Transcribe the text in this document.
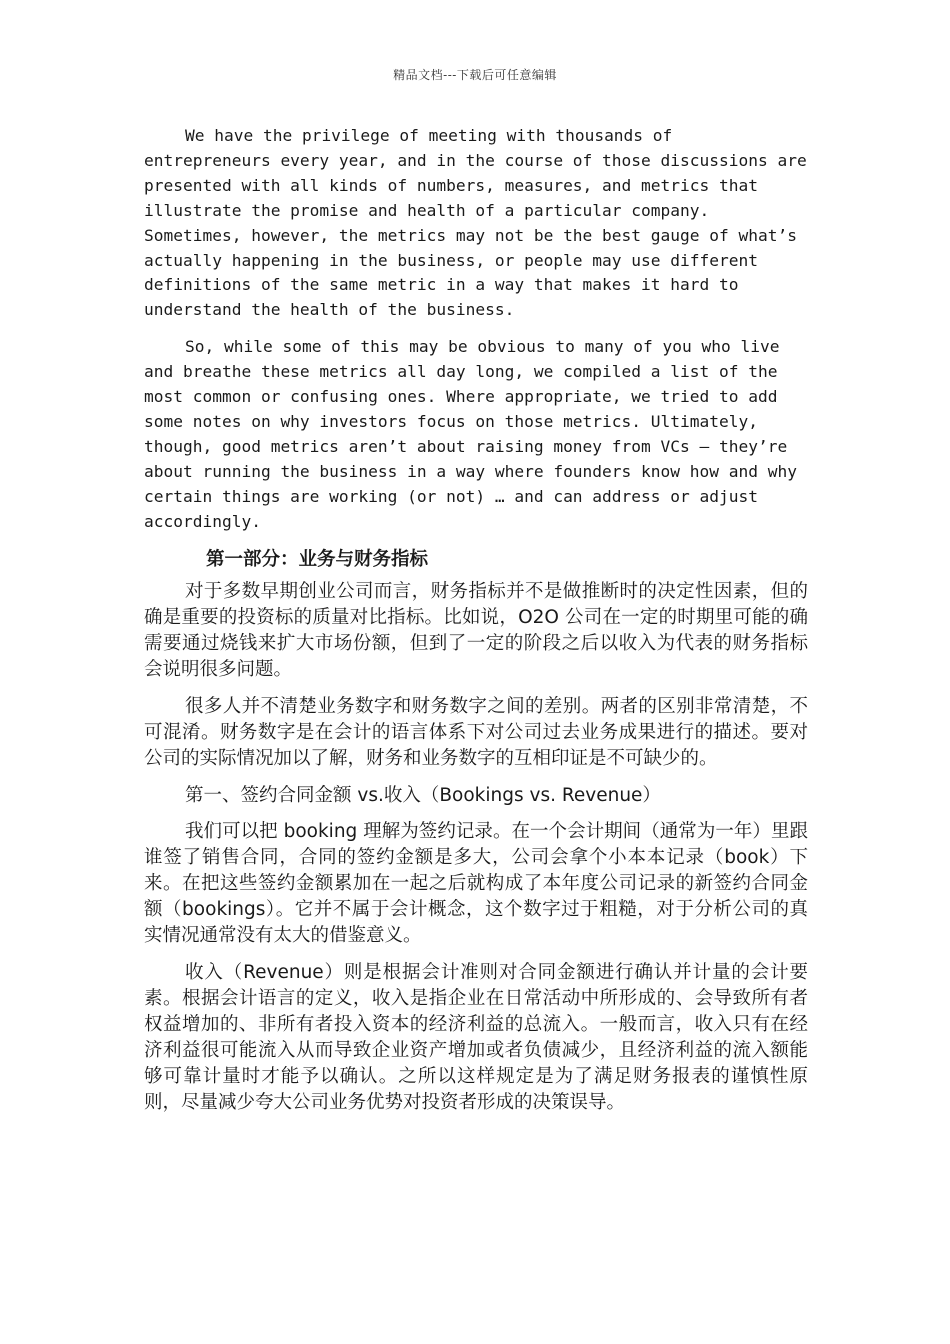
精品文档---下载后可任意编辑

We have the privilege of meeting with thousands of entrepreneurs every year, and in the course of those discussions are presented with all kinds of numbers, measures, and metrics that illustrate the promise and health of a particular company. Sometimes, however, the metrics may not be the best gauge of what’s actually happening in the business, or people may use different definitions of the same metric in a way that makes it hard to understand the health of the business.

So, while some of this may be obvious to many of you who live and breathe these metrics all day long, we compiled a list of the most common or confusing ones. Where appropriate, we tried to add some notes on why investors focus on those metrics. Ultimately, though, good metrics aren’t about raising money from VCs — they’re about running the business in a way where founders know how and why certain things are working (or not) … and can address or adjust accordingly.

第一部分：业务与财务指标

对于多数早期创业公司而言，财务指标并不是做推断时的决定性因素，但的确是重要的投资标的质量对比指标。比如说，O2O 公司在一定的时期里可能的确需要通过烧钱来扩大市场份额，但到了一定的阶段之后以收入为代表的财务指标会说明很多问题。

很多人并不清楚业务数字和财务数字之间的差别。两者的区别非常清楚，不可混淆。财务数字是在会计的语言体系下对公司过去业务成果进行的描述。要对公司的实际情况加以了解，财务和业务数字的互相印证是不可缺少的。

第一、签约合同金额 vs.收入（Bookings vs. Revenue）

我们可以把 booking 理解为签约记录。在一个会计期间（通常为一年）里跟谁签了销售合同，合同的签约金额是多大，公司会拿个小本本记录（book）下来。在把这些签约金额累加在一起之后就构成了本年度公司记录的新签约合同金额（bookings）。它并不属于会计概念，这个数字过于粗糙，对于分析公司的真实情况通常没有太大的借鉴意义。

收入（Revenue）则是根据会计准则对合同金额进行确认并计量的会计要素。根据会计语言的定义，收入是指企业在日常活动中所形成的、会导致所有者权益增加的、非所有者投入资本的经济利益的总流入。一般而言，收入只有在经济利益很可能流入从而导致企业资产增加或者负债减少，且经济利益的流入额能够可靠计量时才能予以确认。之所以这样规定是为了满足财务报表的谨慎性原则，尽量减少夸大公司业务优势对投资者形成的决策误导。
